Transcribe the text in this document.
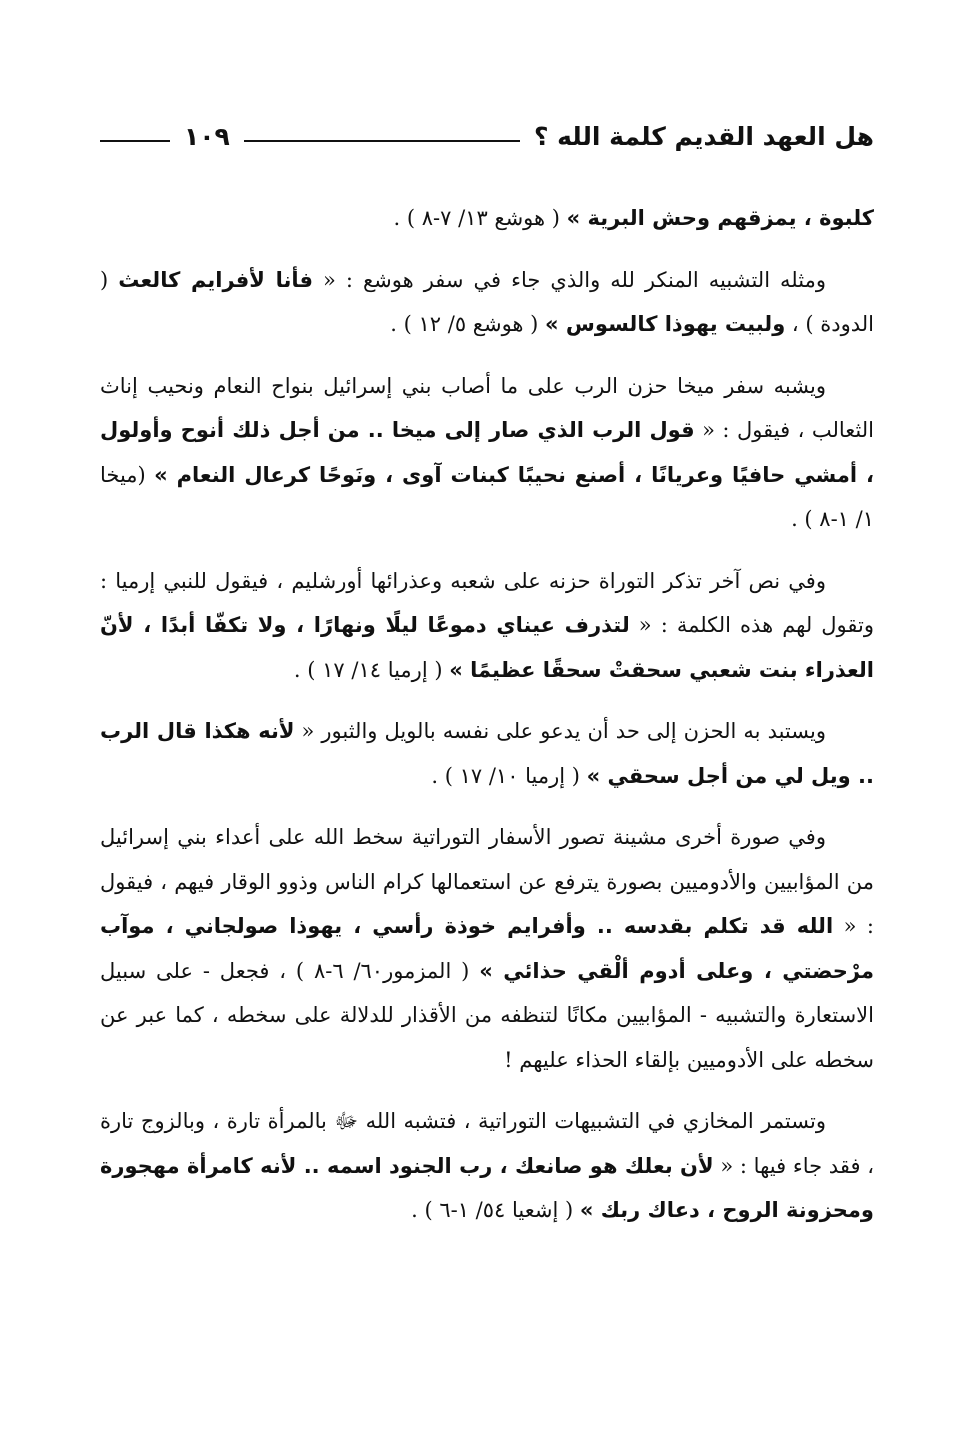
هل العهد القديم كلمة الله ؟
١٠٩

كلبوة ، يمزقهم وحش البرية » ( هوشع ١٣/ ٧-٨ ) .

ومثله التشبيه المنكر لله والذي جاء في سفر هوشع : « فأنا لأفرايم كالعث ( الدودة ) ، ولبيت يهوذا كالسوس » ( هوشع ٥/ ١٢ ) .

ويشبه سفر ميخا حزن الرب على ما أصاب بني إسرائيل بنواح النعام ونحيب إناث الثعالب ، فيقول : « قول الرب الذي صار إلى ميخا .. من أجل ذلك أنوح وأولول ، أمشي حافيًا وعريانًا ، أصنع نحيبًا كبنات آوى ، ونَوحًا كرعال النعام » (ميخا ١/ ١-٨ ) .

وفي نص آخر تذكر التوراة حزنه على شعبه وعذرائها أورشليم ، فيقول للنبي إرميا : وتقول لهم هذه الكلمة : « لتذرف عيناي دموعًا ليلًا ونهارًا ، ولا تكفّا أبدًا ، لأنّ العذراء بنت شعبي سحقتْ سحقًا عظيمًا » ( إرميا ١٤/ ١٧ ) .

ويستبد به الحزن إلى حد أن يدعو على نفسه بالويل والثبور « لأنه هكذا قال الرب .. ويل لي من أجل سحقي » ( إرميا ١٠/ ١٧ ) .

وفي صورة أخرى مشينة تصور الأسفار التوراتية سخط الله على أعداء بني إسرائيل من المؤابيين والأدوميين بصورة يترفع عن استعمالها كرام الناس وذوو الوقار فيهم ، فيقول : « الله قد تكلم بقدسه .. وأفرايم خوذة رأسي ، يهوذا صولجاني ، موآب مرْحضتي ، وعلى أدوم ألْقي حذائي » ( المزمور٦٠/ ٦-٨ ) ، فجعل - على سبيل الاستعارة والتشبيه - المؤابيين مكانًا لتنظفه من الأقذار للدلالة على سخطه ، كما عبر عن سخطه على الأدوميين بإلقاء الحذاء عليهم !

وتستمر المخازي في التشبيهات التوراتية ، فتشبه الله ﷻ بالمرأة تارة ، وبالزوج تارة ، فقد جاء فيها : « لأن بعلك هو صانعك ، رب الجنود اسمه .. لأنه كامرأة مهجورة ومحزونة الروح ، دعاك ربك » ( إشعيا ٥٤/ ١-٦ ) .
